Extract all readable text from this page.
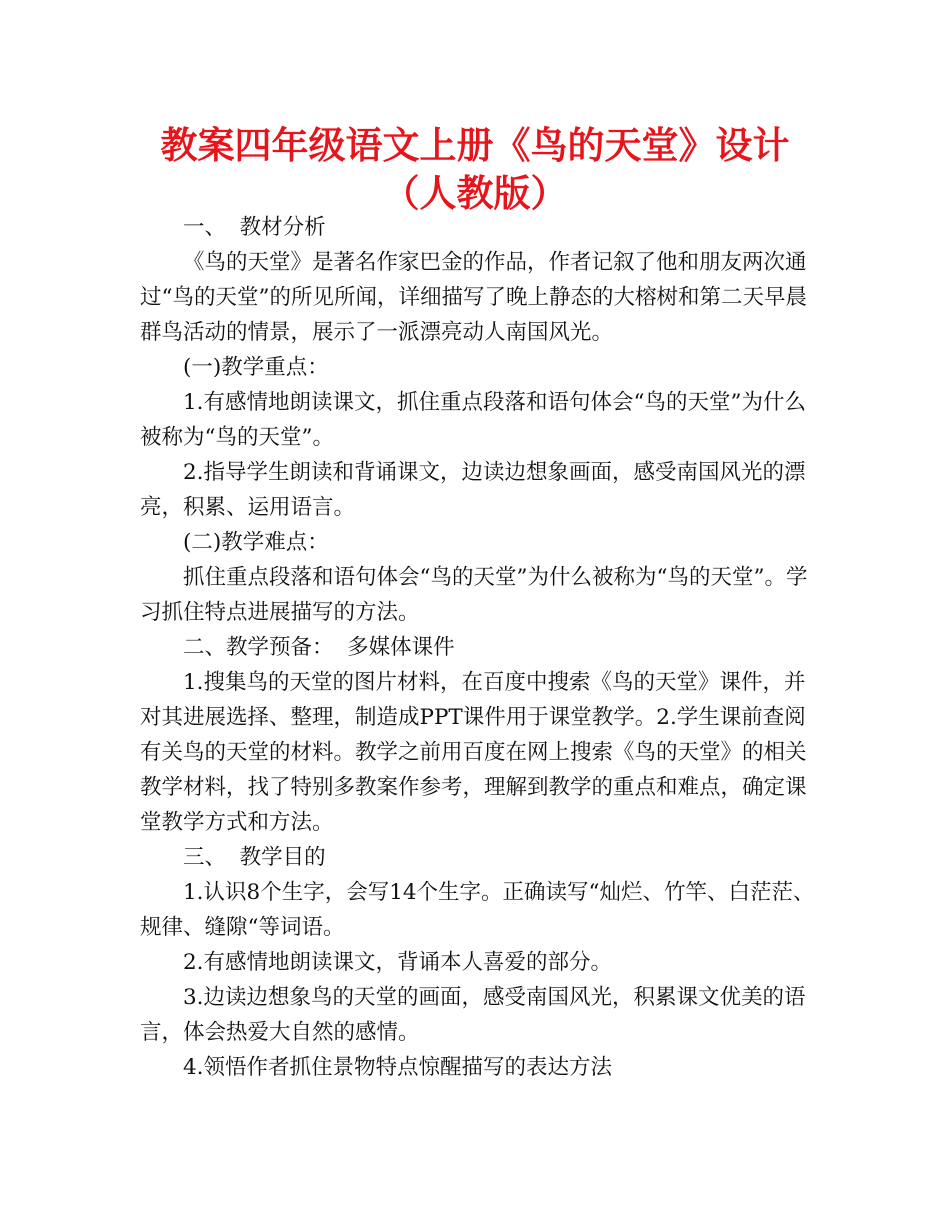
教案四年级语文上册《鸟的天堂》设计
（人教版）

一、  教材分析

《鸟的天堂》是著名作家巴金的作品，作者记叙了他和朋友两次通过“鸟的天堂”的所见所闻，详细描写了晚上静态的大榕树和第二天早晨群鸟活动的情景，展示了一派漂亮动人南国风光。

(一)教学重点：

1.有感情地朗读课文，抓住重点段落和语句体会“鸟的天堂”为什么被称为“鸟的天堂”。

2.指导学生朗读和背诵课文，边读边想象画面，感受南国风光的漂亮，积累、运用语言。

(二)教学难点：

抓住重点段落和语句体会“鸟的天堂”为什么被称为“鸟的天堂”。学习抓住特点进展描写的方法。

二、教学预备：  多媒体课件

1.搜集鸟的天堂的图片材料，在百度中搜索《鸟的天堂》课件，并对其进展选择、整理，制造成PPT课件用于课堂教学。2.学生课前查阅有关鸟的天堂的材料。教学之前用百度在网上搜索《鸟的天堂》的相关教学材料，找了特别多教案作参考，理解到教学的重点和难点，确定课堂教学方式和方法。

三、  教学目的

1.认识8个生字，会写14个生字。正确读写“灿烂、竹竿、白茫茫、规律、缝隙“等词语。

2.有感情地朗读课文，背诵本人喜爱的部分。

3.边读边想象鸟的天堂的画面，感受南国风光，积累课文优美的语言，体会热爱大自然的感情。

4.领悟作者抓住景物特点惊醒描写的表达方法
